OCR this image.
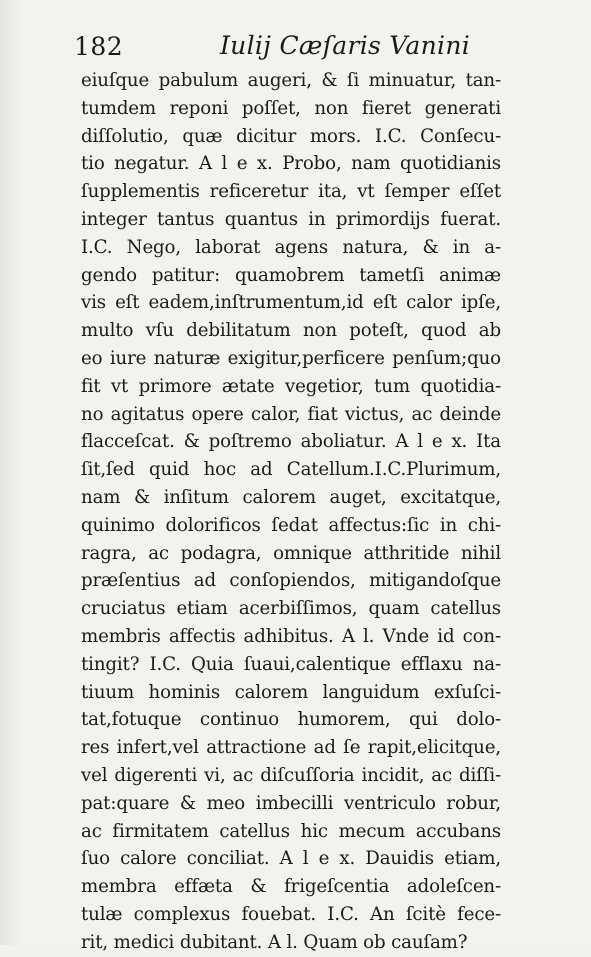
182	Iulij Cæſaris Vanini
eiuſque pabulum augeri, & ſi minuatur, tan-
tumdem reponi poſſet, non fieret generati
diſſolutio, quæ dicitur mors. I.C. Conſecu-
tio negatur. A l e x. Probo, nam quotidianis
ſupplementis reficeretur ita, vt ſemper eſſet
integer tantus quantus in primordijs fuerat.
I.C. Nego, laborat agens natura, & in a-
gendo patitur: quamobrem tametſi animæ
vis eſt eadem,inſtrumentum,id eſt calor ipſe,
multo vſu debilitatum non poteſt, quod ab
eo iure naturæ exigitur,perficere penſum;quo
fit vt primore ætate vegetior, tum quotidia-
no agitatus opere calor, fiat victus, ac deinde
flacceſcat. & poſtremo aboliatur. A l e x. Ita
ſit,ſed quid hoc ad Catellum.I.C.Plurimum,
nam & inſitum calorem auget, excitatque,
quinimo dolorificos ſedat affectus:ſic in chi-
ragra, ac podagra, omnique atthritide nihil
præſentius ad conſopiendos, mitigandoſque
cruciatus etiam acerbiſſimos, quam catellus
membris affectis adhibitus. A l. Vnde id con-
tingit? I.C. Quia ſuaui,calentique efflaxu na-
tiuum hominis calorem languidum exſuſci-
tat,fotuque continuo humorem, qui dolo-
res infert,vel attractione ad ſe rapit,elicitque,
vel digerenti vi, ac diſcuſſoria incidit, ac diſſi-
pat:quare & meo imbecilli ventriculo robur,
ac firmitatem catellus hic mecum accubans
ſuo calore conciliat. A l e x. Dauidis etiam,
membra effæta & frigeſcentia adoleſcen-
tulæ complexus fouebat. I.C. An ſcitè fece-
rit, medici dubitant. A l. Quam ob cauſam?
